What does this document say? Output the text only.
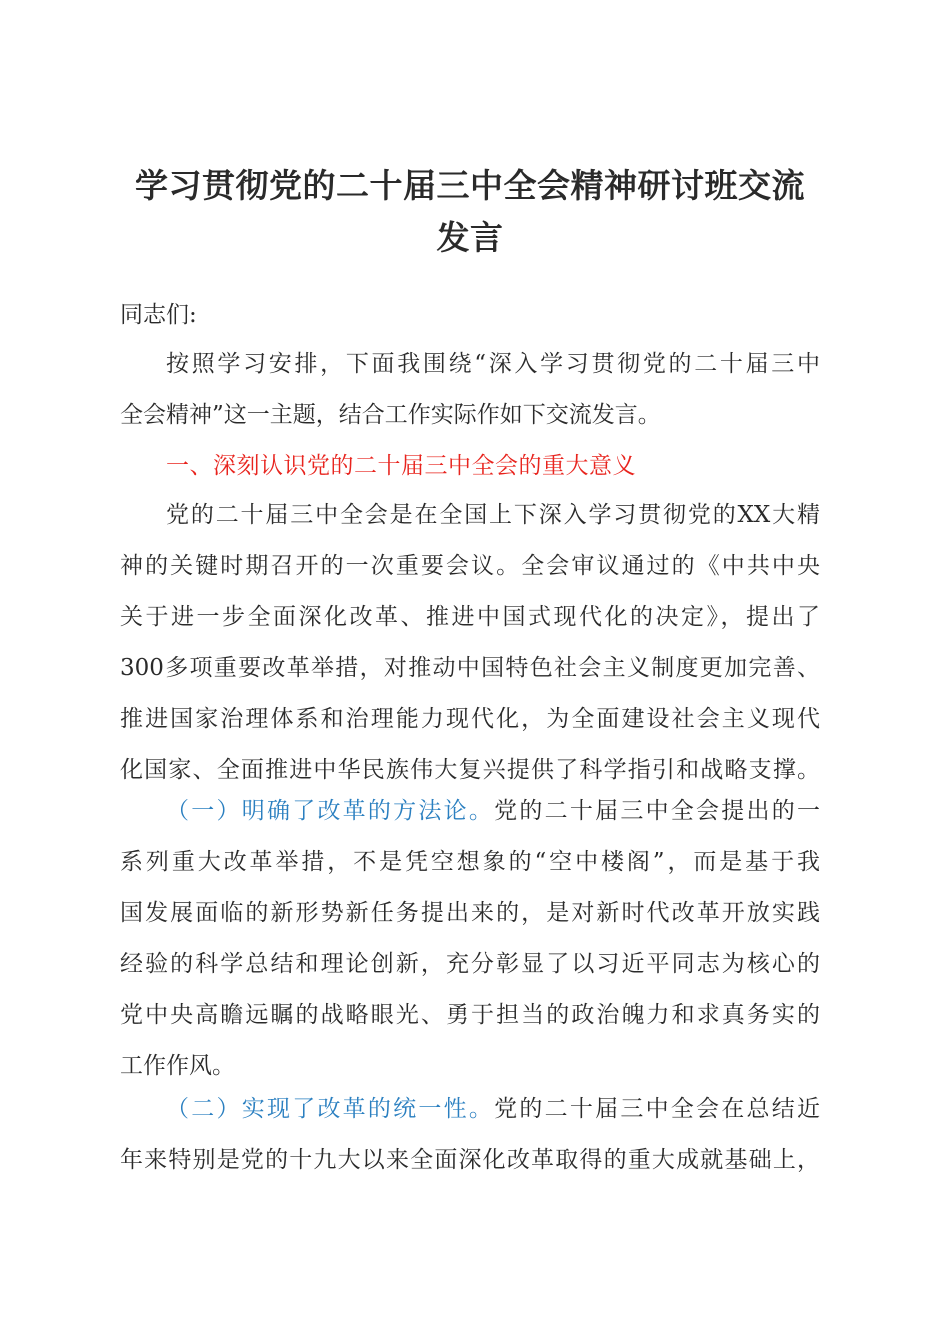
学习贯彻党的二十届三中全会精神研讨班交流
发言

同志们:

按照学习安排，下面我围绕“深入学习贯彻党的二十届三中
全会精神”这一主题，结合工作实际作如下交流发言。
一、深刻认识党的二十届三中全会的重大意义
党的二十届三中全会是在全国上下深入学习贯彻党的XX大精
神的关键时期召开的一次重要会议。全会审议通过的《中共中央
关于进一步全面深化改革、推进中国式现代化的决定》，提出了
300多项重要改革举措，对推动中国特色社会主义制度更加完善、
推进国家治理体系和治理能力现代化，为全面建设社会主义现代
化国家、全面推进中华民族伟大复兴提供了科学指引和战略支撑。
（一）明确了改革的方法论。党的二十届三中全会提出的一
系列重大改革举措，不是凭空想象的“空中楼阁”，而是基于我
国发展面临的新形势新任务提出来的，是对新时代改革开放实践
经验的科学总结和理论创新，充分彰显了以习近平同志为核心的
党中央高瞻远瞩的战略眼光、勇于担当的政治魄力和求真务实的
工作作风。
（二）实现了改革的统一性。党的二十届三中全会在总结近
年来特别是党的十九大以来全面深化改革取得的重大成就基础上，
